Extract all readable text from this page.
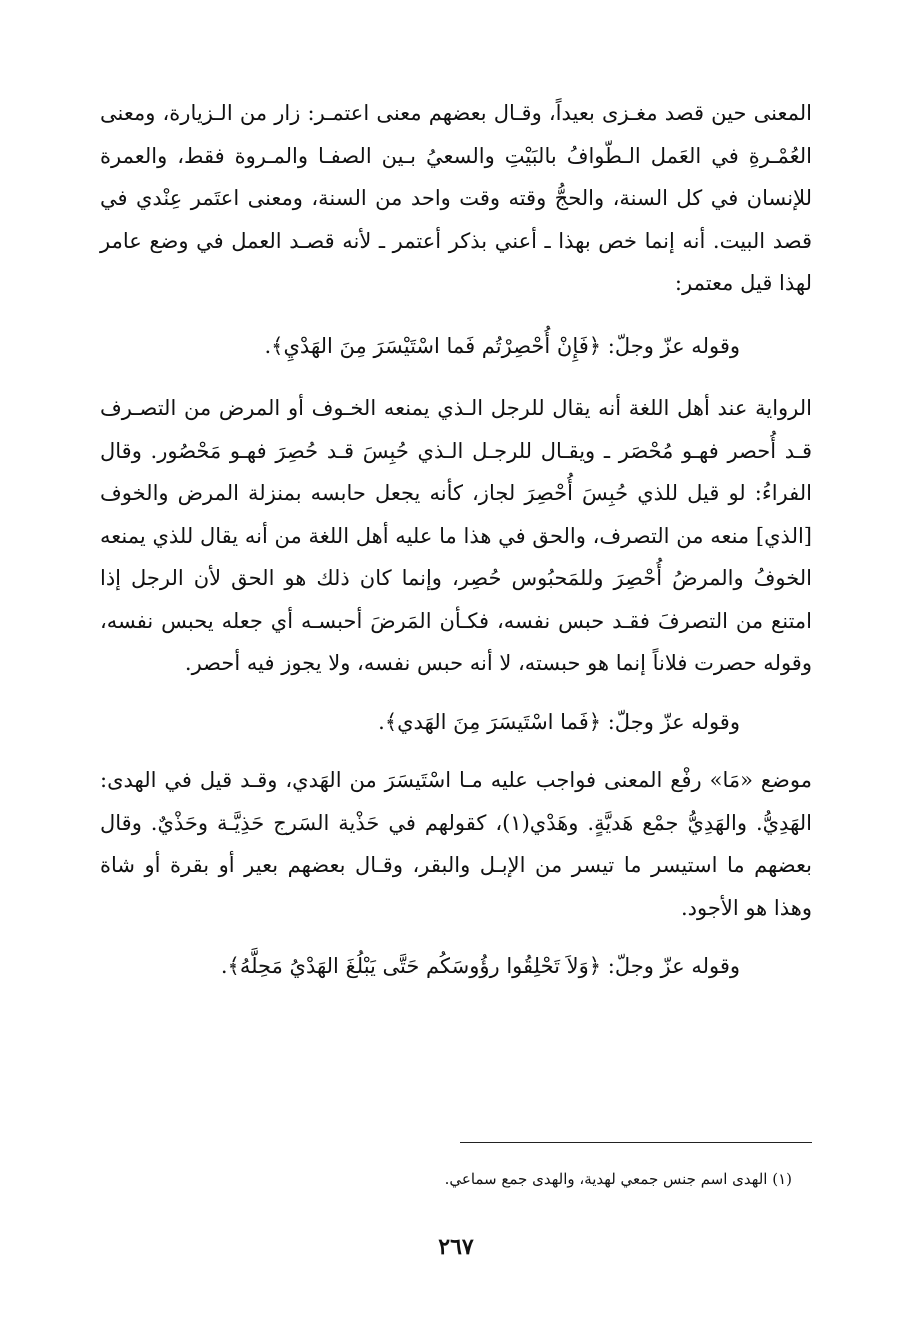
المعنى حين قصد مغـزى بعيداً، وقـال بعضهم معنى اعتمـر: زار من الـزيارة، ومعنى العُمْـرةِ في العَمل الـطّوافُ بالبَيْتِ والسعيُ بـين الصفـا والمـروة فقط، والعمرة للإنسان في كل السنة، والحجُّ وقته وقت واحد من السنة، ومعنى اعتَمر عِنْدي في قصد البيت. أنه إنما خص بهذا ـ أعني بذكر أعتمر ـ لأنه قصـد العمل في وضع عامر لهذا قيل معتمر:

وقوله عزّ وجلّ: ﴿فَإِنْ أُحْصِرْتُم فَما اسْتَيْسَرَ مِنَ الهَدْيِ﴾.

الرواية عند أهل اللغة أنه يقال للرجل الـذي يمنعه الخـوف أو المرض من التصـرف قـد أُحصر فهـو مُحْصَر ـ ويقـال للرجـل الـذي حُبِسَ قـد حُصِرَ فهـو مَحْصُور. وقال الفراءُ: لو قيل للذي حُبِسَ أُحْصِرَ لجاز، كأنه يجعل حابسه بمنزلة المرض والخوف [الذي] منعه من التصرف، والحق في هذا ما عليه أهل اللغة من أنه يقال للذي يمنعه الخوفُ والمرضُ أُحْصِرَ وللمَحبُوس حُصِر، وإنما كان ذلك هو الحق لأن الرجل إذا امتنع من التصرفَ فقـد حبس نفسه، فكـأن المَرضَ أحبسـه أي جعله يحبس نفسه، وقوله حصرت فلاناً إنما هو حبسته، لا أنه حبس نفسه، ولا يجوز فيه أحصر.

وقوله عزّ وجلّ: ﴿فَما اسْتَيسَرَ مِنَ الهَدي﴾.

موضع «مَا» رفْع المعنى فواجب عليه مـا اسْتَيسَرَ من الهَدي، وقـد قيل في الهدى: الهَدِيُّ. والهَدِيُّ جمْع هَديَّةٍ. وهَدْي(١)، كقولهم في حَذْية السَرج حَذِيَّـة وحَذْيٌ. وقال بعضهم ما استيسر ما تيسر من الإبـل والبقر، وقـال بعضهم بعير أو بقرة أو شاة وهذا هو الأجود.

وقوله عزّ وجلّ: ﴿وَلاَ تَحْلِقُوا رؤُوسَكُم حَتَّى يَبْلُغَ الهَدْيُ مَحِلَّهُ﴾.

(١) الهدى اسم جنس جمعي لهدية، والهدى جمع سماعي.

٢٦٧
